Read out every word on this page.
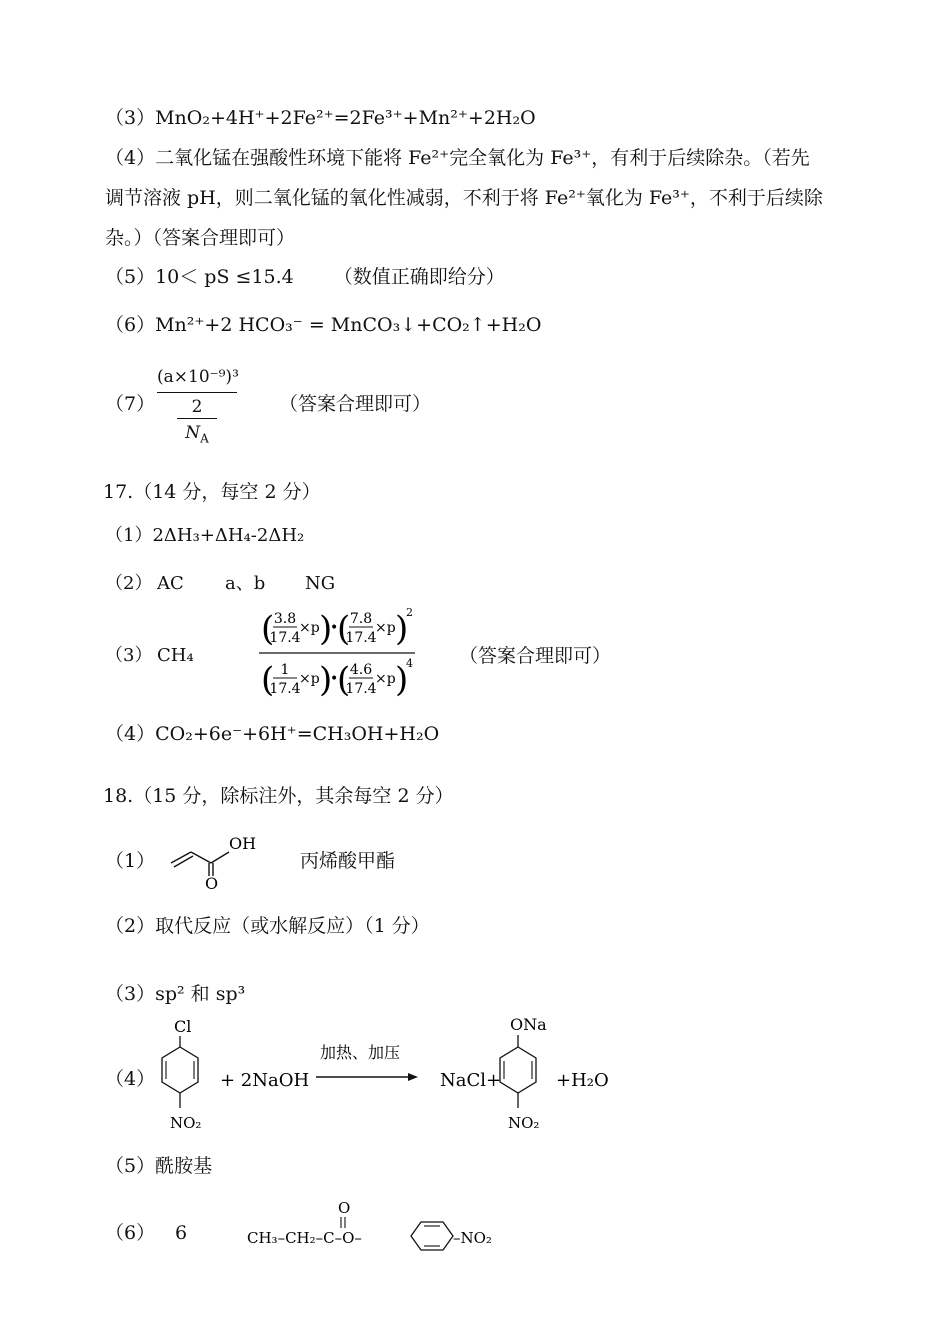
（3）MnO₂+4H⁺+2Fe²⁺=2Fe³⁺+Mn²⁺+2H₂O
（4）二氧化锰在强酸性环境下能将 Fe²⁺完全氧化为 Fe³⁺，有利于后续除杂。（若先调节溶液 pH，则二氧化锰的氧化性减弱，不利于将 Fe²⁺氧化为 Fe³⁺，不利于后续除杂。）（答案合理即可）
（5）10＜ pS ≤15.4 （数值正确即给分）
（6）Mn²⁺+2 HCO₃⁻ = MnCO₃↓+CO₂↑+H₂O
（7）
(a×10⁻⁹)³
2
$N_A$
（答案合理即可）
17.（14 分，每空 2 分）
（1）2ΔH₃+ΔH₄-2ΔH₂
（2） AC a、b NG
（3） CH₄
( 3.8
17.4
×p )
•
( 7.8
17.4
×p )
2
( 1
17.4
×p )
•
( 4.6
17.4
×p )
4 （答案合理即可）
（4）CO₂+6e⁻+6H⁺=CH₃OH+H₂O
18.（15 分，除标注外，其余每空 2 分）
（1）
OH
O
丙烯酸甲酯
（2）取代反应（或水解反应）（1 分）
（3）sp² 和 sp³
（4）
Cl
NO₂
+ 2NaOH
加热、加压
NaCl+
ONa
NO₂
+H₂O
（5）酰胺基
（6） 6
O
CH₃–CH₂–C–O–	–NO₂
